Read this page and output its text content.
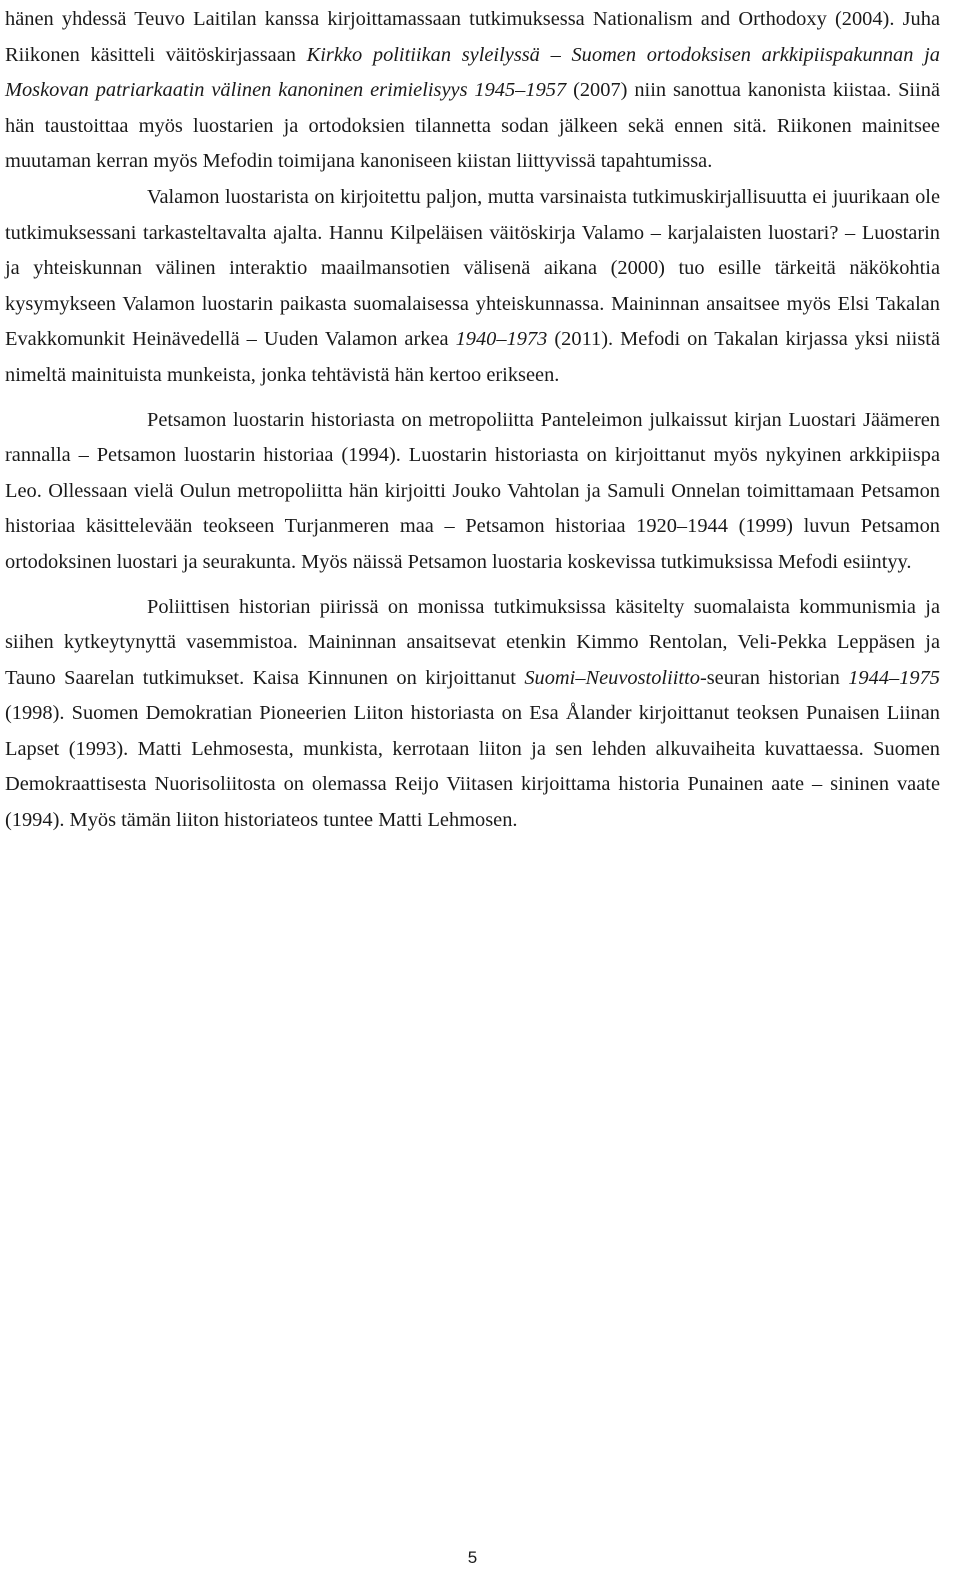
hänen yhdessä Teuvo Laitilan kanssa kirjoittamassaan tutkimuksessa Nationalism and Orthodoxy (2004). Juha Riikonen käsitteli väitöskirjassaan Kirkko politiikan syleilyssä – Suomen ortodoksisen arkkipiispakunnan ja Moskovan patriarkaatin välinen kanoninen erimielisyys 1945–1957 (2007) niin sanottua kanonista kiistaa. Siinä hän taustoittaa myös luostarien ja ortodoksien tilannetta sodan jälkeen sekä ennen sitä. Riikonen mainitsee muutaman kerran myös Mefodin toimijana kanoniseen kiistan liittyvissä tapahtumissa.

Valamon luostarista on kirjoitettu paljon, mutta varsinaista tutkimuskirjallisuutta ei juurikaan ole tutkimuksessani tarkasteltavalta ajalta. Hannu Kilpeläisen väitöskirja Valamo – karjalaisten luostari? – Luostarin ja yhteiskunnan välinen interaktio maailmansotien välisenä aikana (2000) tuo esille tärkeitä näkökohtia kysymykseen Valamon luostarin paikasta suomalaisessa yhteiskunnassa. Maininnan ansaitsee myös Elsi Takalan Evakkomunkit Heinävedellä – Uuden Valamon arkea 1940–1973 (2011). Mefodi on Takalan kirjassa yksi niistä nimeltä mainituista munkeista, jonka tehtävistä hän kertoo erikseen.

Petsamon luostarin historiasta on metropoliitta Panteleimon julkaissut kirjan Luostari Jäämeren rannalla – Petsamon luostarin historiaa (1994). Luostarin historiasta on kirjoittanut myös nykyinen arkkipiispa Leo. Ollessaan vielä Oulun metropoliitta hän kirjoitti Jouko Vahtolan ja Samuli Onnelan toimittamaan Petsamon historiaa käsittelevään teokseen Turjanmeren maa – Petsamon historiaa 1920–1944 (1999) luvun Petsamon ortodoksinen luostari ja seurakunta. Myös näissä Petsamon luostaria koskevissa tutkimuksissa Mefodi esiintyy.

Poliittisen historian piirissä on monissa tutkimuksissa käsitelty suomalaista kommunismia ja siihen kytkeytynyttä vasemmistoa. Maininnan ansaitsevat etenkin Kimmo Rentolan, Veli-Pekka Leppäsen ja Tauno Saarelan tutkimukset. Kaisa Kinnunen on kirjoittanut Suomi–Neuvostoliitto-seuran historian 1944–1975 (1998). Suomen Demokratian Pioneerien Liiton historiasta on Esa Ålander kirjoittanut teoksen Punaisen Liinan Lapset (1993). Matti Lehmosesta, munkista, kerrotaan liiton ja sen lehden alkuvaiheita kuvattaessa. Suomen Demokraattisesta Nuorisoliitosta on olemassa Reijo Viitasen kirjoittama historia Punainen aate – sininen vaate (1994). Myös tämän liiton historiateos tuntee Matti Lehmosen.

5
